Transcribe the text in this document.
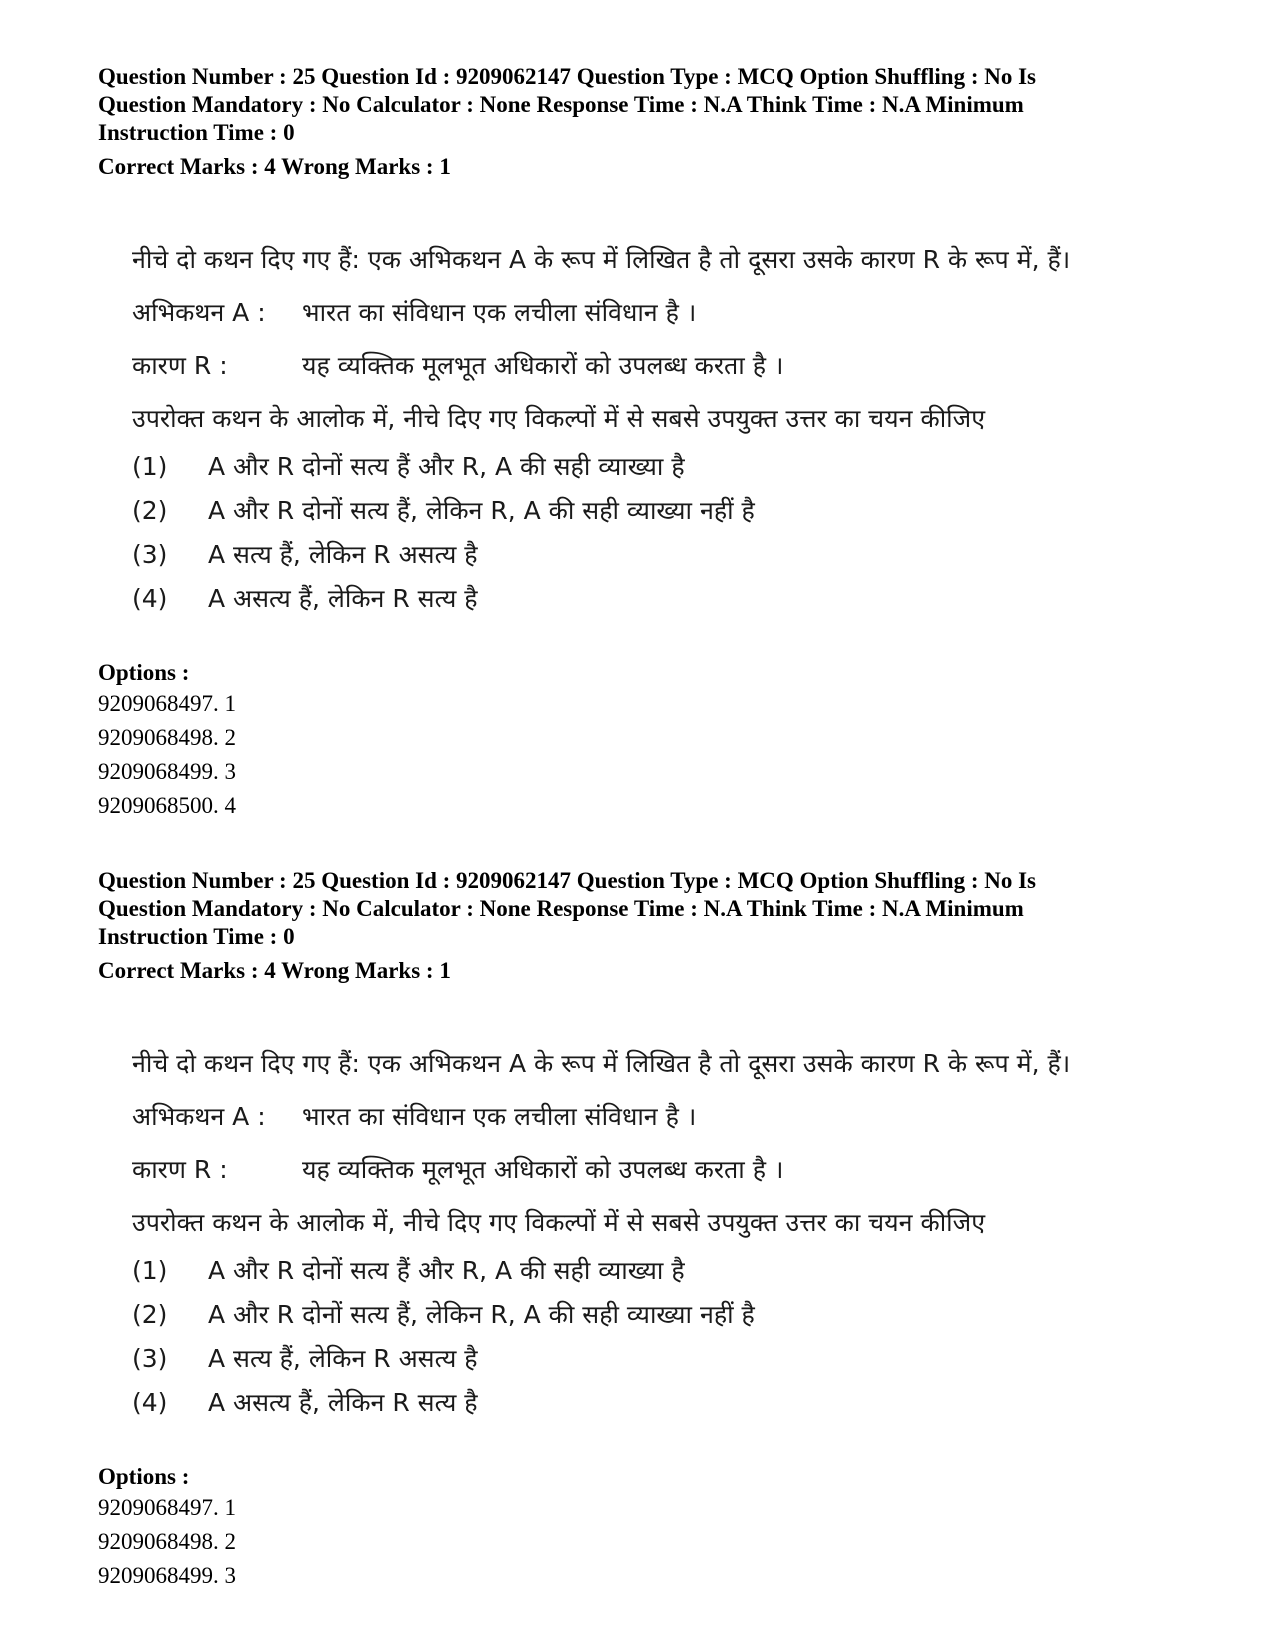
Question Number : 25 Question Id : 9209062147 Question Type : MCQ Option Shuffling : No Is
Question Mandatory : No Calculator : None Response Time : N.A Think Time : N.A Minimum
Instruction Time : 0

Correct Marks : 4 Wrong Marks : 1

नीचे दो कथन दिए गए हैं: एक अभिकथन A के रूप में लिखित है तो दूसरा उसके कारण R के रूप में, हैं।
अभिकथन A :	भारत का संविधान एक लचीला संविधान है ।
कारण R :	यह व्यक्तिक मूलभूत अधिकारों को उपलब्ध करता है ।
उपरोक्त कथन के आलोक में, नीचे दिए गए विकल्पों में से सबसे उपयुक्त उत्तर का चयन कीजिए
(1)	A और R दोनों सत्य हैं और R, A की सही व्याख्या है
(2)	A और R दोनों सत्य हैं, लेकिन R, A की सही व्याख्या नहीं है
(3)	A सत्य हैं, लेकिन R असत्य है
(4)	A असत्य हैं, लेकिन R सत्य है
Options :
9209068497. 1
9209068498. 2
9209068499. 3
9209068500. 4

Question Number : 25 Question Id : 9209062147 Question Type : MCQ Option Shuffling : No Is
Question Mandatory : No Calculator : None Response Time : N.A Think Time : N.A Minimum
Instruction Time : 0

Correct Marks : 4 Wrong Marks : 1

नीचे दो कथन दिए गए हैं: एक अभिकथन A के रूप में लिखित है तो दूसरा उसके कारण R के रूप में, हैं।
अभिकथन A :	भारत का संविधान एक लचीला संविधान है ।
कारण R :	यह व्यक्तिक मूलभूत अधिकारों को उपलब्ध करता है ।
उपरोक्त कथन के आलोक में, नीचे दिए गए विकल्पों में से सबसे उपयुक्त उत्तर का चयन कीजिए
(1)	A और R दोनों सत्य हैं और R, A की सही व्याख्या है
(2)	A और R दोनों सत्य हैं, लेकिन R, A की सही व्याख्या नहीं है
(3)	A सत्य हैं, लेकिन R असत्य है
(4)	A असत्य हैं, लेकिन R सत्य है
Options :
9209068497. 1
9209068498. 2
9209068499. 3
